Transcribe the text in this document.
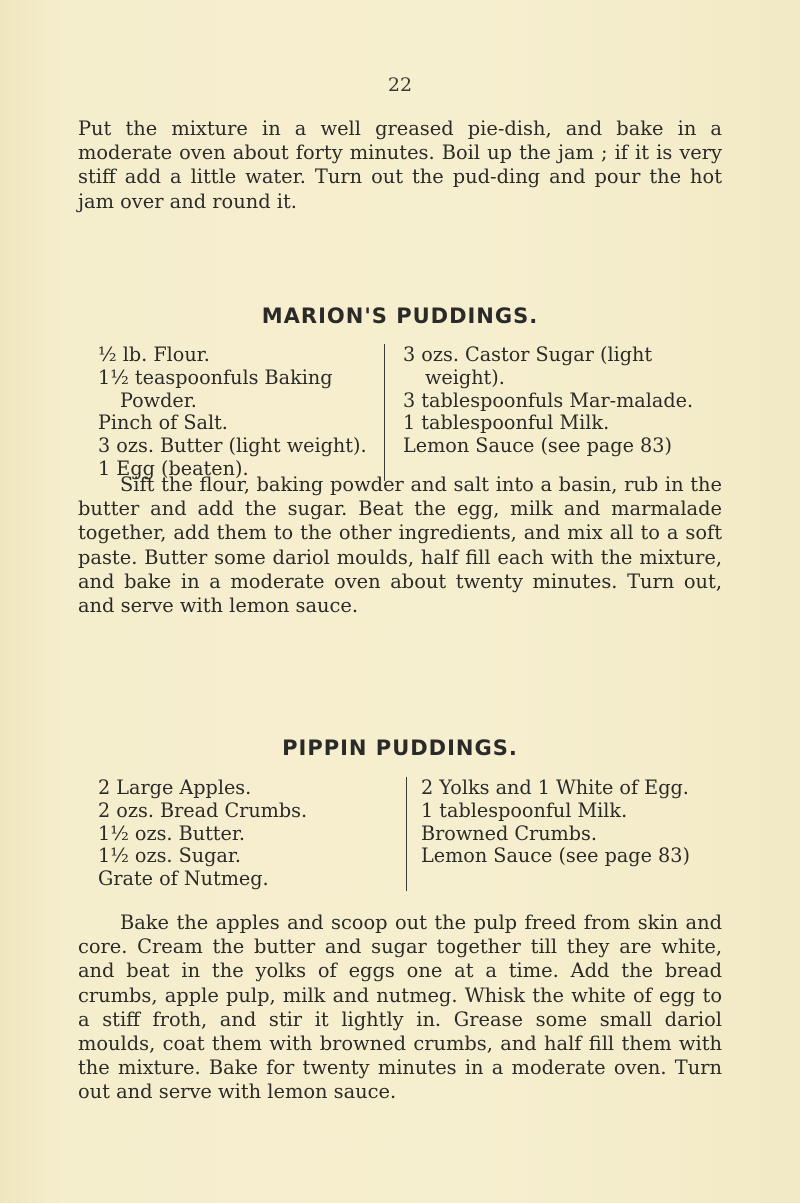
22

Put the mixture in a well greased pie-dish, and bake in a moderate oven about forty minutes. Boil up the jam ; if it is very stiff add a little water. Turn out the pud-ding and pour the hot jam over and round it.

MARION'S PUDDINGS.
½ lb. Flour.
1½ teaspoonfuls Baking Powder.
Pinch of Salt.
3 ozs. Butter (light weight).
1 Egg (beaten).
3 ozs. Castor Sugar (light weight).
3 tablespoonfuls Mar-malade.
1 tablespoonful Milk.
Lemon Sauce (see page 83)

Sift the flour, baking powder and salt into a basin, rub in the butter and add the sugar. Beat the egg, milk and marmalade together, add them to the other ingredients, and mix all to a soft paste. Butter some dariol moulds, half fill each with the mixture, and bake in a moderate oven about twenty minutes. Turn out, and serve with lemon sauce.

PIPPIN PUDDINGS.
2 Large Apples.
2 ozs. Bread Crumbs.
1½ ozs. Butter.
1½ ozs. Sugar.
Grate of Nutmeg.
2 Yolks and 1 White of Egg.
1 tablespoonful Milk.
Browned Crumbs.
Lemon Sauce (see page 83)

Bake the apples and scoop out the pulp freed from skin and core. Cream the butter and sugar together till they are white, and beat in the yolks of eggs one at a time. Add the bread crumbs, apple pulp, milk and nutmeg. Whisk the white of egg to a stiff froth, and stir it lightly in. Grease some small dariol moulds, coat them with browned crumbs, and half fill them with the mixture. Bake for twenty minutes in a moderate oven. Turn out and serve with lemon sauce.
